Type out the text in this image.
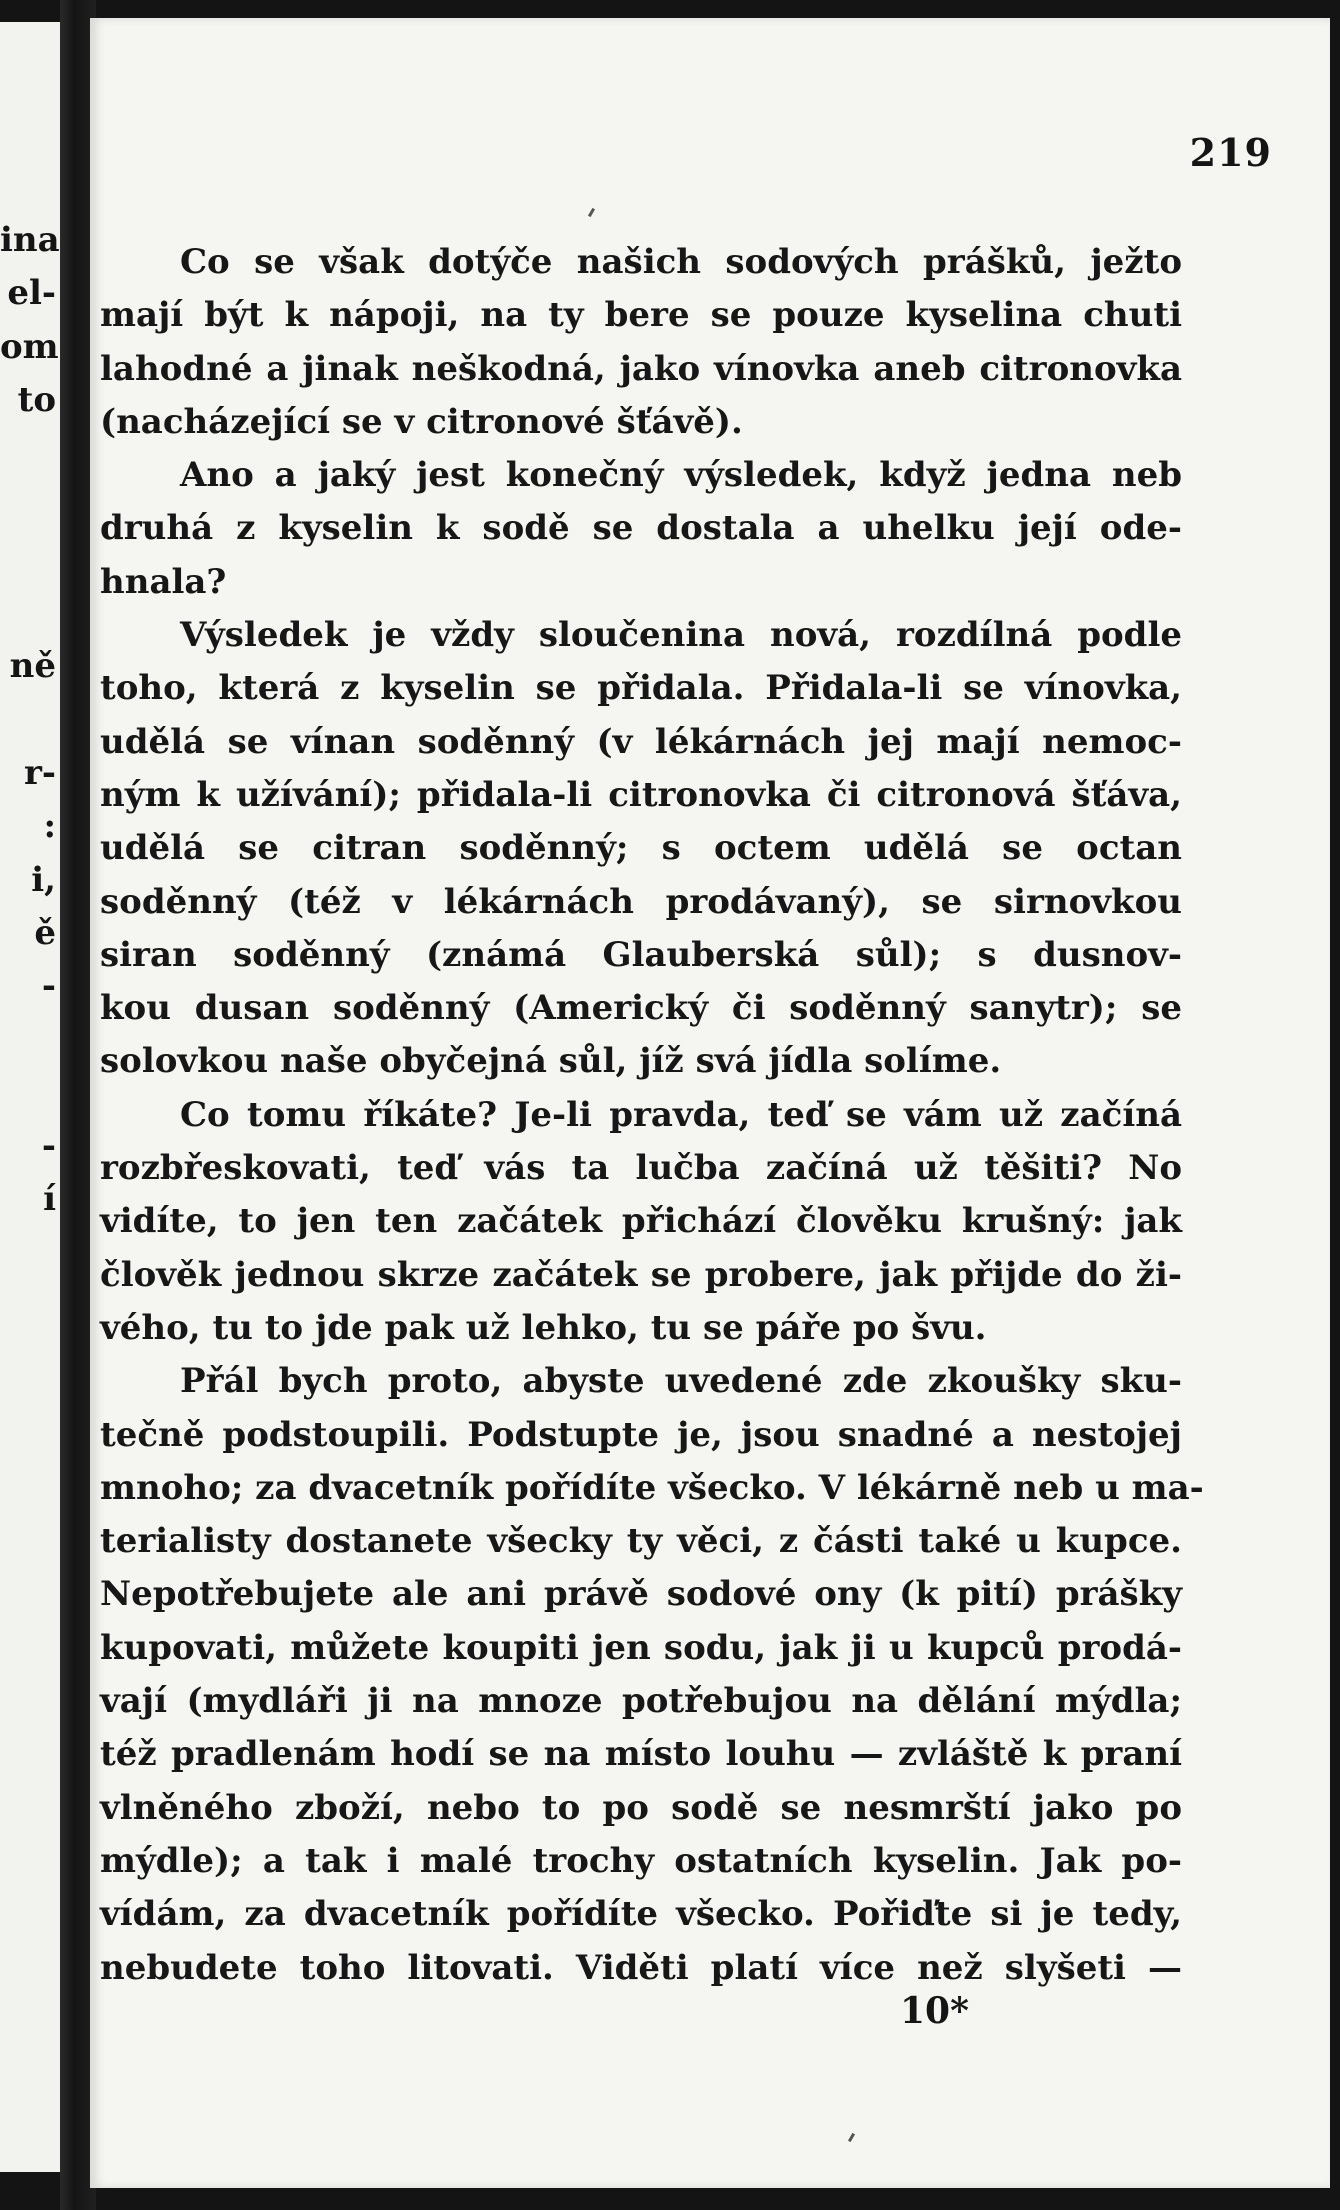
ina
el-
om
to
ně
r-
:
i,
ě
-
-
í
219
Co se však dotýče našich sodových prášků, ježto
mají být k nápoji, na ty bere se pouze kyselina chuti
lahodné a jinak neškodná, jako vínovka aneb citronovka
(nacházející se v citronové šťávě).
Ano a jaký jest konečný výsledek, když jedna neb
druhá z kyselin k sodě se dostala a uhelku její ode-
hnala?
Výsledek je vždy sloučenina nová, rozdílná podle
toho, která z kyselin se přidala. Přidala-li se vínovka,
udělá se vínan soděnný (v lékárnách jej mají nemoc-
ným k užívání); přidala-li citronovka či citronová šťáva,
udělá se citran soděnný; s octem udělá se octan
soděnný (též v lékárnách prodávaný), se sirnovkou
siran soděnný (známá Glauberská sůl); s dusnov-
kou dusan soděnný (Americký či soděnný sanytr); se
solovkou naše obyčejná sůl, jíž svá jídla solíme.
Co tomu říkáte? Je-li pravda, teď se vám už začíná
rozbřeskovati, teď vás ta lučba začíná už těšiti? No
vidíte, to jen ten začátek přichází člověku krušný: jak
člověk jednou skrze začátek se probere, jak přijde do ži-
vého, tu to jde pak už lehko, tu se páře po švu.
Přál bych proto, abyste uvedené zde zkoušky sku-
tečně podstoupili. Podstupte je, jsou snadné a nestojej
mnoho; za dvacetník pořídíte všecko. V lékárně neb u ma-
terialisty dostanete všecky ty věci, z části také u kupce.
Nepotřebujete ale ani právě sodové ony (k pití) prášky
kupovati, můžete koupiti jen sodu, jak ji u kupců prodá-
vají (mydláři ji na mnoze potřebujou na dělání mýdla;
též pradlenám hodí se na místo louhu — zvláště k praní
vlněného zboží, nebo to po sodě se nesmrští jako po
mýdle); a tak i malé trochy ostatních kyselin. Jak po-
vídám, za dvacetník pořídíte všecko. Pořiďte si je tedy,
nebudete toho litovati. Viděti platí více než slyšeti —
10*
